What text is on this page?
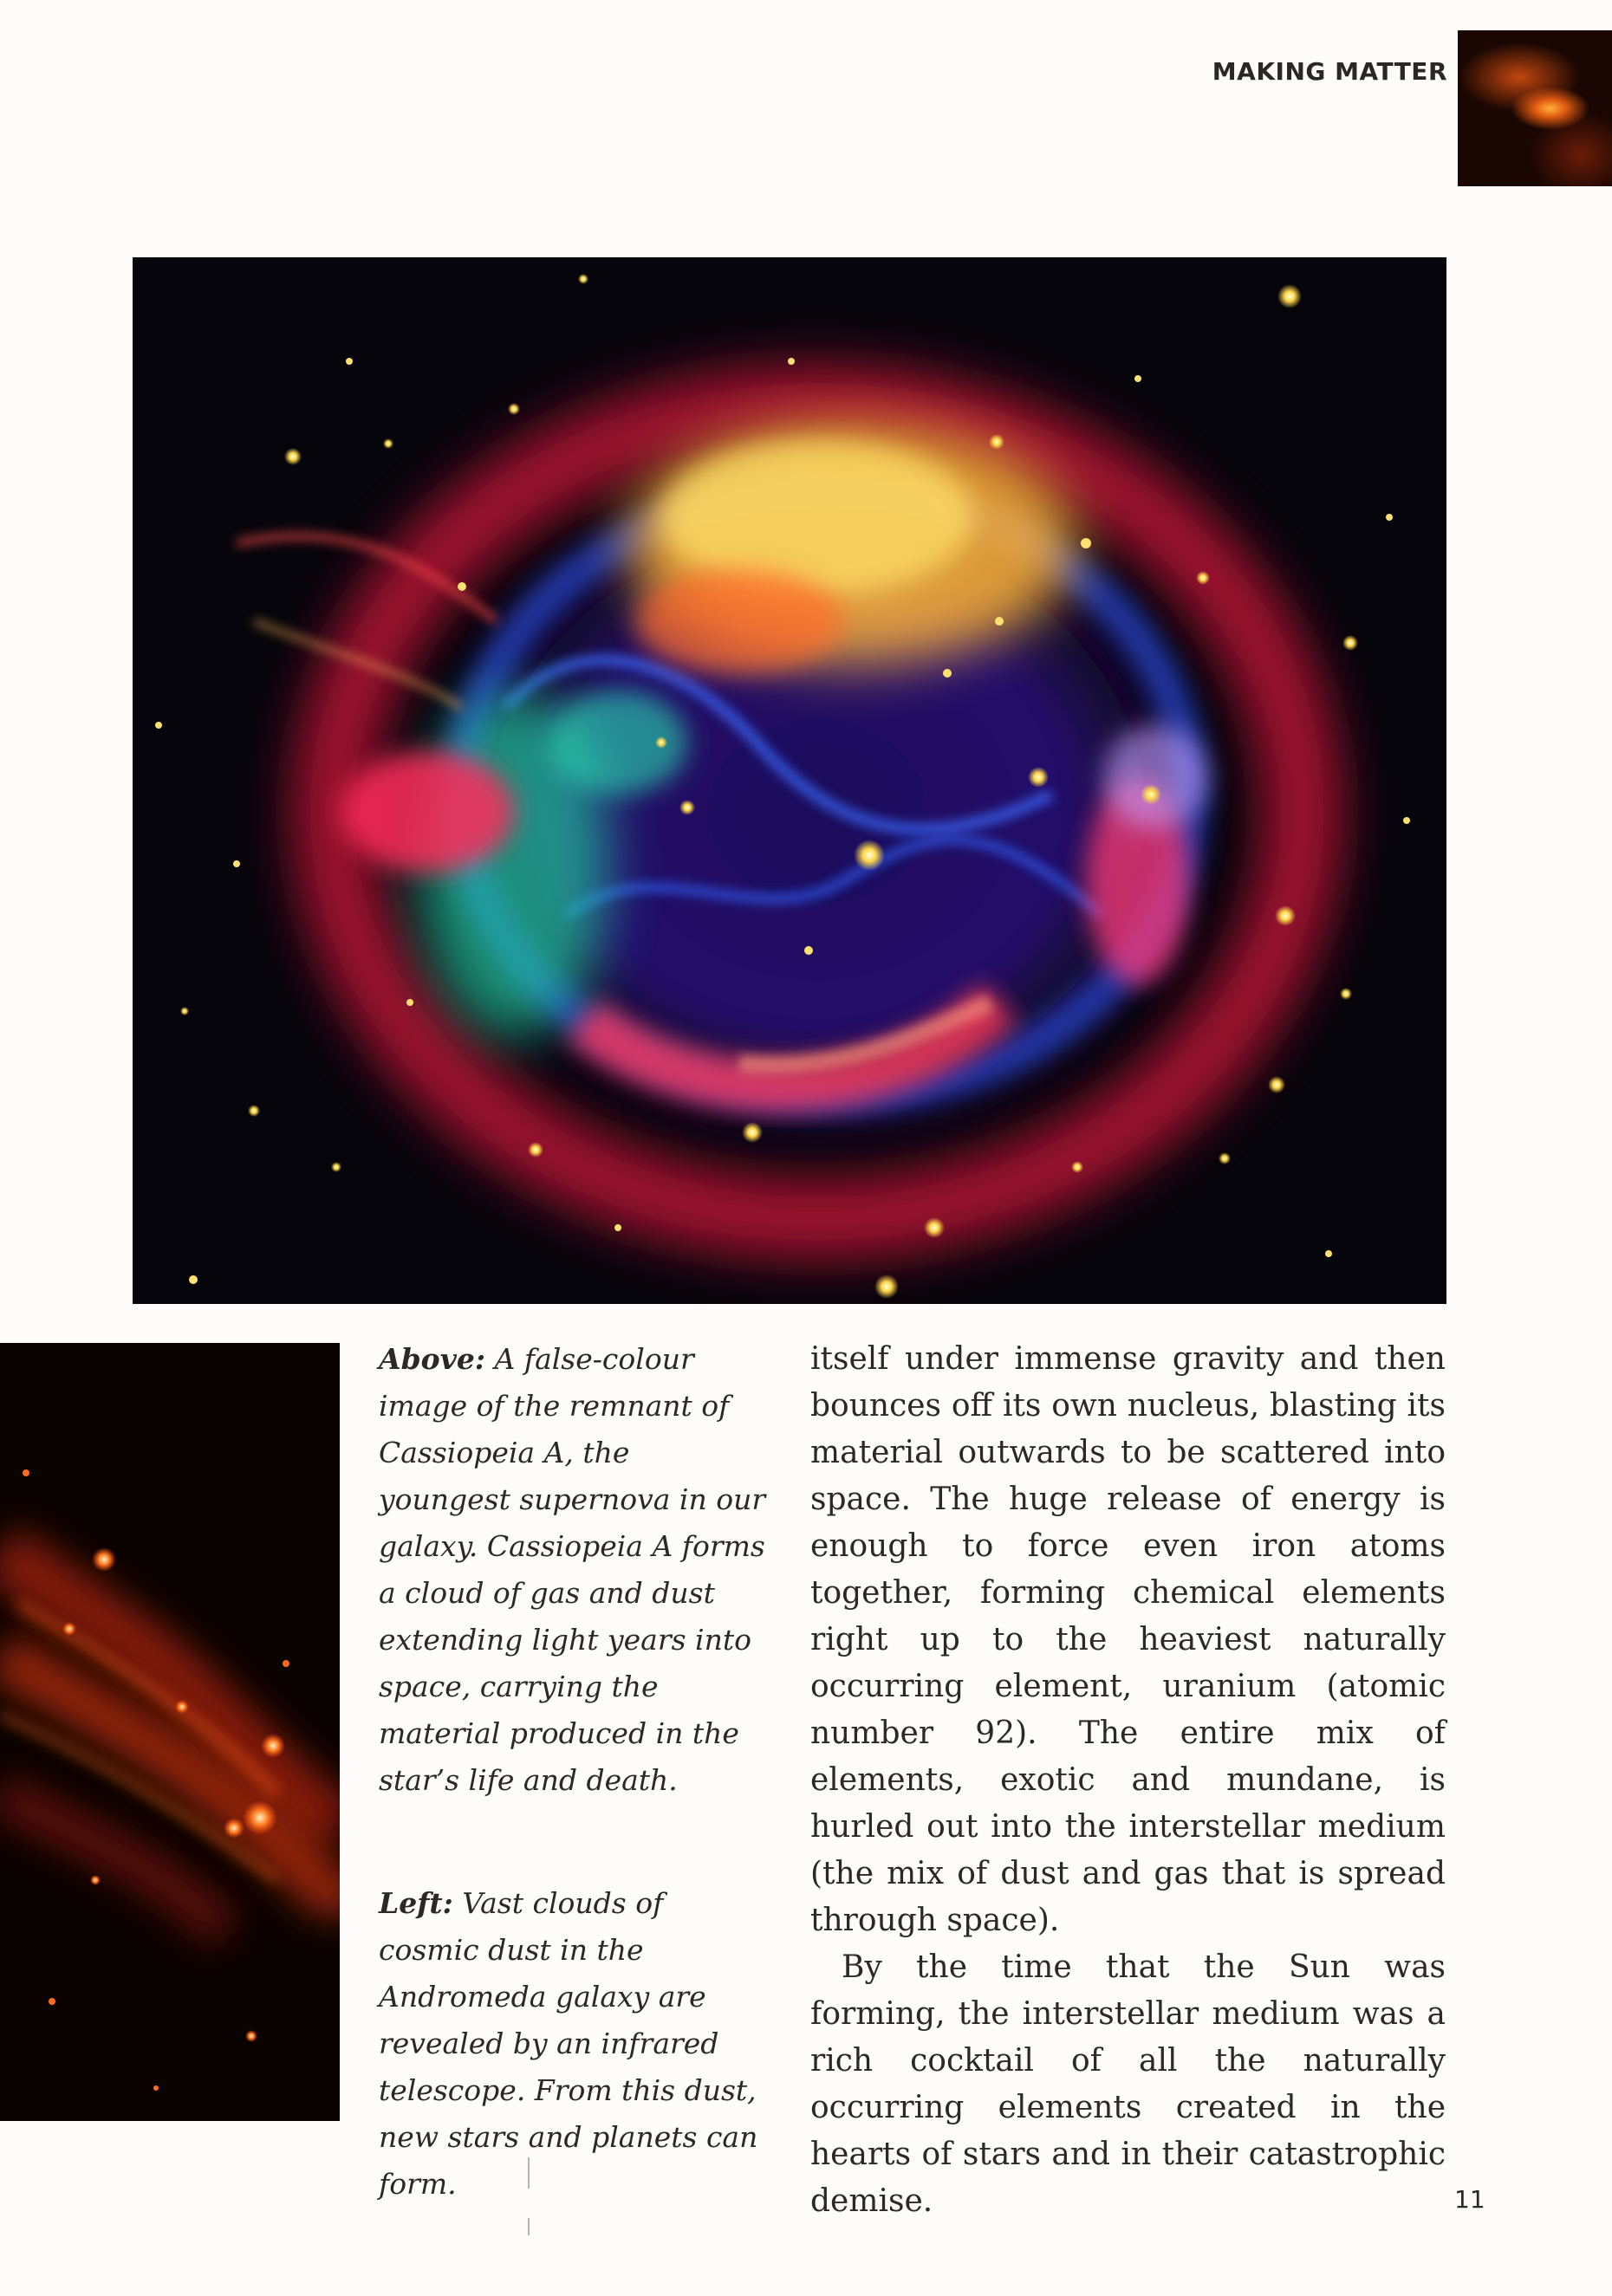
MAKING MATTER
Above: A false-colour image of the remnant of Cassiopeia A, the youngest supernova in our galaxy. Cassiopeia A forms a cloud of gas and dust extending light years into space, carrying the material produced in the star’s life and death.
Left: Vast clouds of cosmic dust in the Andromeda galaxy are revealed by an infrared telescope. From this dust, new stars and planets can form.

itself under immense gravity and then bounces off its own nucleus, blasting its material outwards to be scattered into space. The huge release of energy is enough to force even iron atoms together, forming chemical elements right up to the heaviest naturally occurring element, uranium (atomic number 92). The entire mix of elements, exotic and mundane, is hurled out into the interstellar medium (the mix of dust and gas that is spread through space).

By the time that the Sun was forming, the interstellar medium was a rich cocktail of all the naturally occurring elements created in the hearts of stars and in their catastrophic demise.	11
